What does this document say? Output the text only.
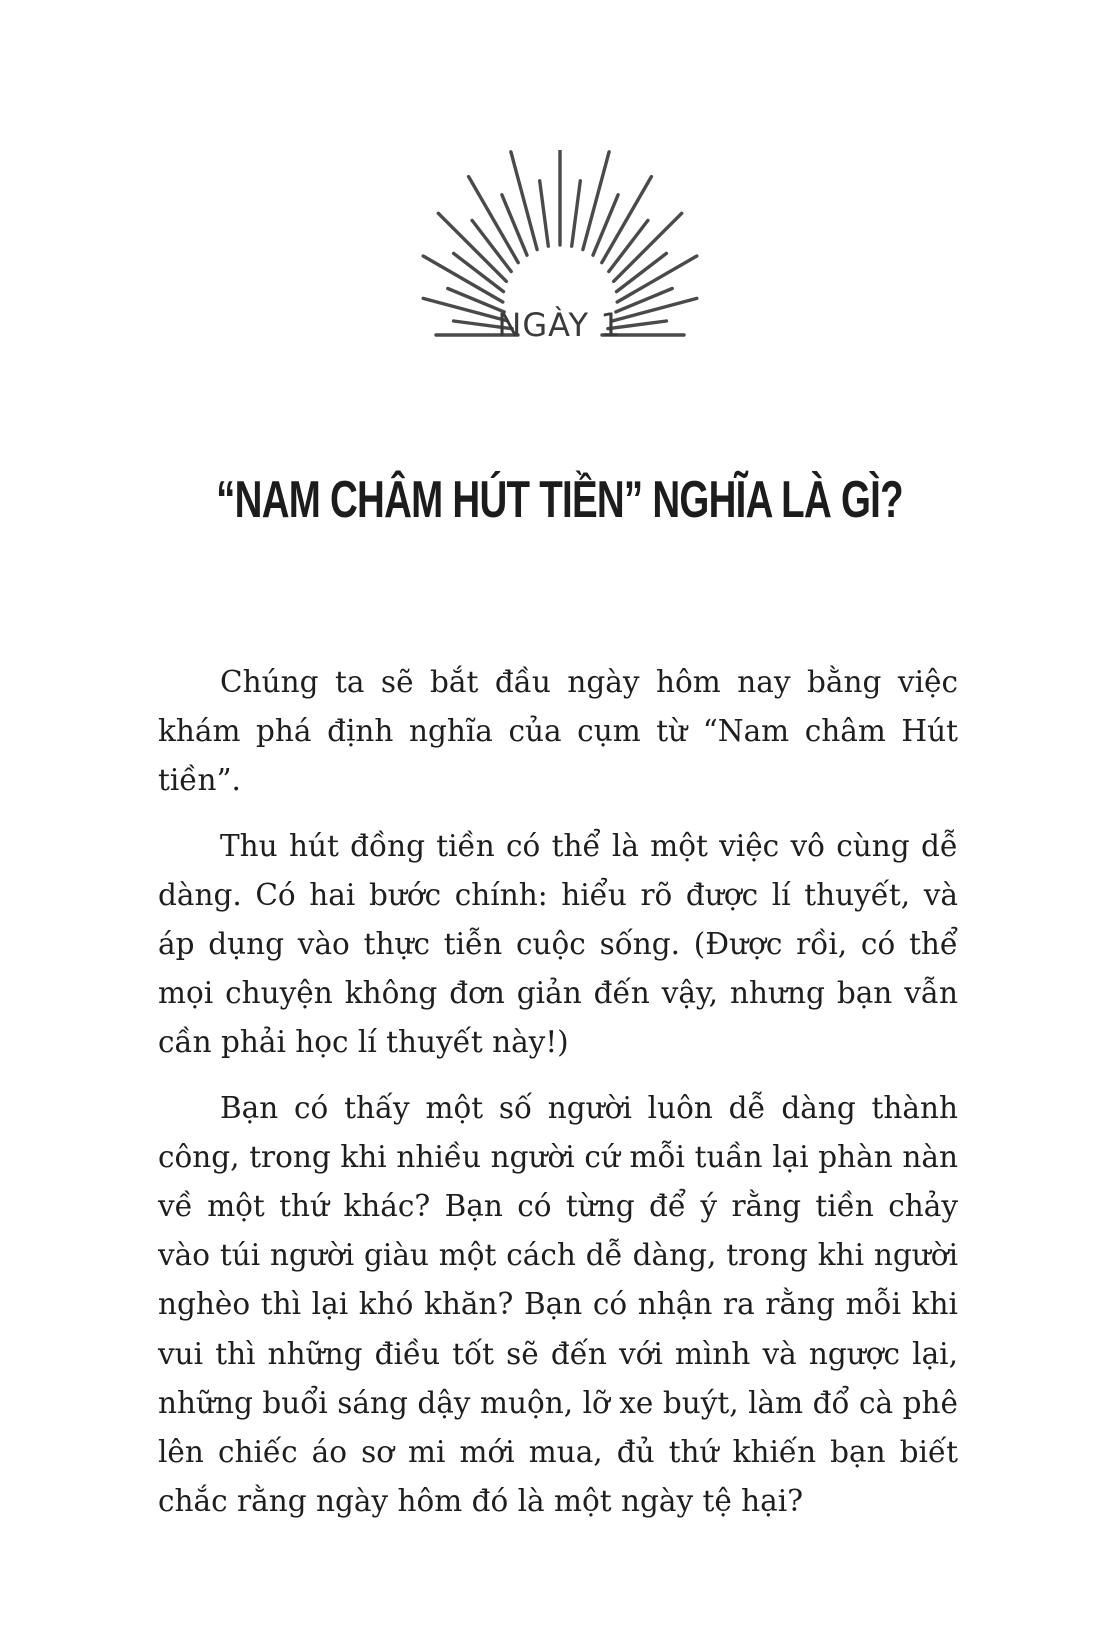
NGÀY 1
“NAM CHÂM HÚT TIỀN” NGHĨA LÀ GÌ?

Chúng ta sẽ bắt đầu ngày hôm nay bằng việc khám phá định nghĩa của cụm từ “Nam châm Hút tiền”.

Thu hút đồng tiền có thể là một việc vô cùng dễ dàng. Có hai bước chính: hiểu rõ được lí thuyết, và áp dụng vào thực tiễn cuộc sống. (Được rồi, có thể mọi chuyện không đơn giản đến vậy, nhưng bạn vẫn cần phải học lí thuyết này!)

Bạn có thấy một số người luôn dễ dàng thành công, trong khi nhiều người cứ mỗi tuần lại phàn nàn về một thứ khác? Bạn có từng để ý rằng tiền chảy vào túi người giàu một cách dễ dàng, trong khi người nghèo thì lại khó khăn? Bạn có nhận ra rằng mỗi khi vui thì những điều tốt sẽ đến với mình và ngược lại, những buổi sáng dậy muộn, lỡ xe buýt, làm đổ cà phê lên chiếc áo sơ mi mới mua, đủ thứ khiến bạn biết chắc rằng ngày hôm đó là một ngày tệ hại?
